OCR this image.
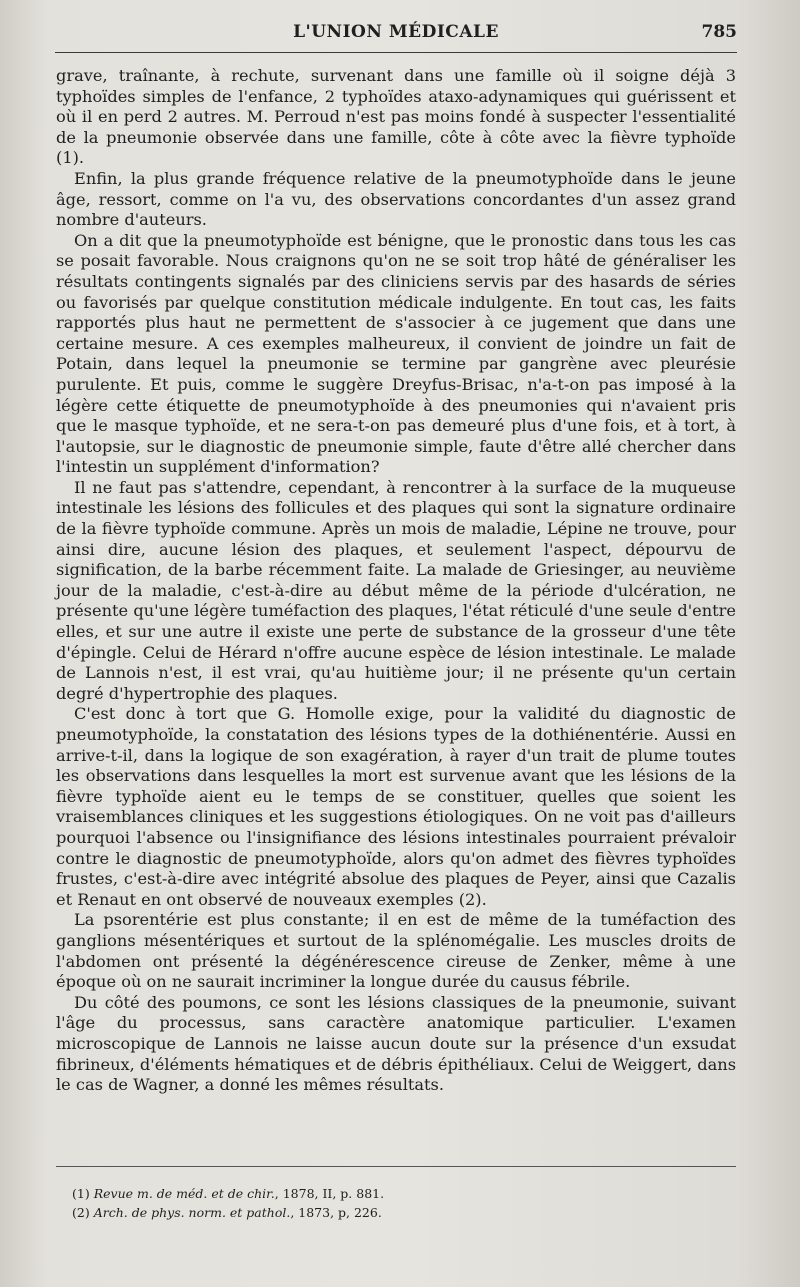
L'UNION MÉDICALE	785

grave, traînante, à rechute, survenant dans une famille où il soigne déjà 3 typhoïdes simples de l'enfance, 2 typhoïdes ataxo-adynamiques qui guérissent et où il en perd 2 autres. M. Perroud n'est pas moins fondé à suspecter l'essentialité de la pneumonie observée dans une famille, côte à côte avec la fièvre typhoïde (1).

Enfin, la plus grande fréquence relative de la pneumotyphoïde dans le jeune âge, ressort, comme on l'a vu, des observations concordantes d'un assez grand nombre d'auteurs.

On a dit que la pneumotyphoïde est bénigne, que le pronostic dans tous les cas se posait favorable. Nous craignons qu'on ne se soit trop hâté de généraliser les résultats contingents signalés par des cliniciens servis par des hasards de séries ou favorisés par quelque constitution médicale indulgente. En tout cas, les faits rapportés plus haut ne permettent de s'associer à ce jugement que dans une certaine mesure. A ces exemples malheureux, il convient de joindre un fait de Potain, dans lequel la pneumonie se termine par gangrène avec pleurésie purulente. Et puis, comme le suggère Dreyfus-Brisac, n'a-t-on pas imposé à la légère cette étiquette de pneumotyphoïde à des pneumonies qui n'avaient pris que le masque typhoïde, et ne sera-t-on pas demeuré plus d'une fois, et à tort, à l'autopsie, sur le diagnostic de pneumonie simple, faute d'être allé chercher dans l'intestin un supplément d'information?

Il ne faut pas s'attendre, cependant, à rencontrer à la surface de la muqueuse intestinale les lésions des follicules et des plaques qui sont la signature ordinaire de la fièvre typhoïde commune. Après un mois de maladie, Lépine ne trouve, pour ainsi dire, aucune lésion des plaques, et seulement l'aspect, dépourvu de signification, de la barbe récemment faite. La malade de Griesinger, au neuvième jour de la maladie, c'est-à-dire au début même de la période d'ulcération, ne présente qu'une légère tuméfaction des plaques, l'état réticulé d'une seule d'entre elles, et sur une autre il existe une perte de substance de la grosseur d'une tête d'épingle. Celui de Hérard n'offre aucune espèce de lésion intestinale. Le malade de Lannois n'est, il est vrai, qu'au huitième jour; il ne présente qu'un certain degré d'hypertrophie des plaques.

C'est donc à tort que G. Homolle exige, pour la validité du diagnostic de pneumotyphoïde, la constatation des lésions types de la dothiénentérie. Aussi en arrive-t-il, dans la logique de son exagération, à rayer d'un trait de plume toutes les observations dans lesquelles la mort est survenue avant que les lésions de la fièvre typhoïde aient eu le temps de se constituer, quelles que soient les vraisemblances cliniques et les suggestions étiologiques. On ne voit pas d'ailleurs pourquoi l'absence ou l'insignifiance des lésions intestinales pourraient prévaloir contre le diagnostic de pneumotyphoïde, alors qu'on admet des fièvres typhoïdes frustes, c'est-à-dire avec intégrité absolue des plaques de Peyer, ainsi que Cazalis et Renaut en ont observé de nouveaux exemples (2).

La psorentérie est plus constante; il en est de même de la tuméfaction des ganglions mésentériques et surtout de la splénomégalie. Les muscles droits de l'abdomen ont présenté la dégénérescence cireuse de Zenker, même à une époque où on ne saurait incriminer la longue durée du causus fébrile.

Du côté des poumons, ce sont les lésions classiques de la pneumonie, suivant l'âge du processus, sans caractère anatomique particulier. L'examen microscopique de Lannois ne laisse aucun doute sur la présence d'un exsudat fibrineux, d'éléments hématiques et de débris épithéliaux. Celui de Weiggert, dans le cas de Wagner, a donné les mêmes résultats.

(1) Revue m. de méd. et de chir., 1878, II, p. 881.
(2) Arch. de phys. norm. et pathol., 1873, p, 226.
